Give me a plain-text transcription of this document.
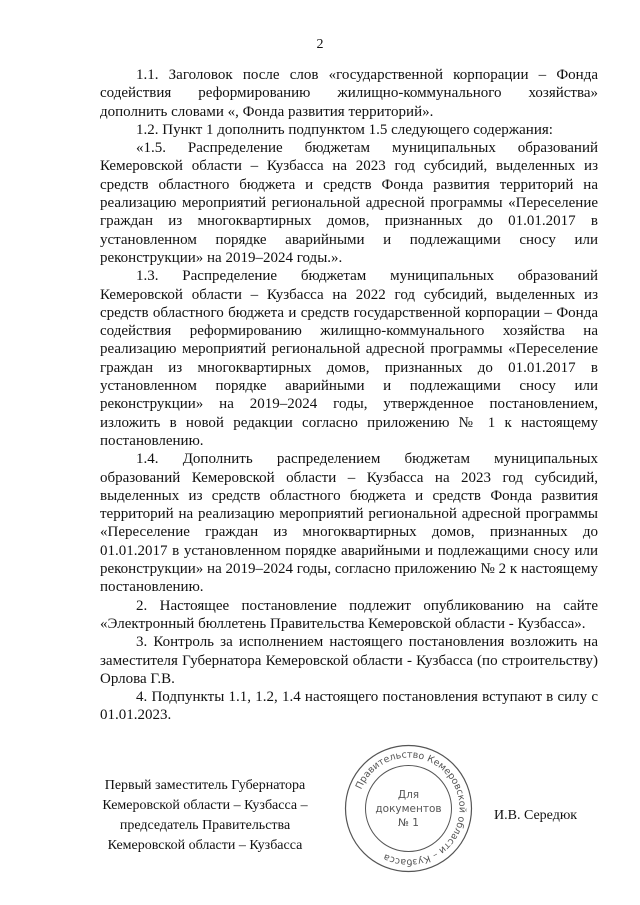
2

1.1. Заголовок после слов «государственной корпорации – Фонда содействия реформированию жилищно-коммунального хозяйства» дополнить словами «, Фонда развития территорий».

1.2. Пункт 1 дополнить подпунктом 1.5 следующего содержания:

«1.5. Распределение бюджетам муниципальных образований Кемеровской области – Кузбасса на 2023 год субсидий, выделенных из средств областного бюджета и средств Фонда развития территорий на реализацию мероприятий региональной адресной программы «Переселение граждан из многоквартирных домов, признанных до 01.01.2017 в установленном порядке аварийными и подлежащими сносу или реконструкции» на 2019–2024 годы.».

1.3. Распределение бюджетам муниципальных образований Кемеровской области – Кузбасса на 2022 год субсидий, выделенных из средств областного бюджета и средств государственной корпорации – Фонда содействия реформированию жилищно-коммунального хозяйства на реализацию мероприятий региональной адресной программы «Переселение граждан из многоквартирных домов, признанных до 01.01.2017 в установленном порядке аварийными и подлежащими сносу или реконструкции» на 2019–2024 годы, утвержденное постановлением, изложить в новой редакции согласно приложению № 1 к настоящему постановлению.

1.4. Дополнить распределением бюджетам муниципальных образований Кемеровской области – Кузбасса на 2023 год субсидий, выделенных из средств областного бюджета и средств Фонда развития территорий на реализацию мероприятий региональной адресной программы «Переселение граждан из многоквартирных домов, признанных до 01.01.2017 в установленном порядке аварийными и подлежащими сносу или реконструкции» на 2019–2024 годы, согласно приложению № 2 к настоящему постановлению.

2. Настоящее постановление подлежит опубликованию на сайте «Электронный бюллетень Правительства Кемеровской области - Кузбасса».

3. Контроль за исполнением настоящего постановления возложить на заместителя Губернатора Кемеровской области - Кузбасса (по строительству) Орлова Г.В.

4. Подпункты 1.1, 1.2, 1.4 настоящего постановления вступают в силу с 01.01.2023.

Первый заместитель Губернатора
Кемеровской области – Кузбасса –
председатель Правительства
Кемеровской области – Кузбасса
Правительство Кемеровской области – Кузбасса
Для
документов
№ 1	И.В. Середюк
